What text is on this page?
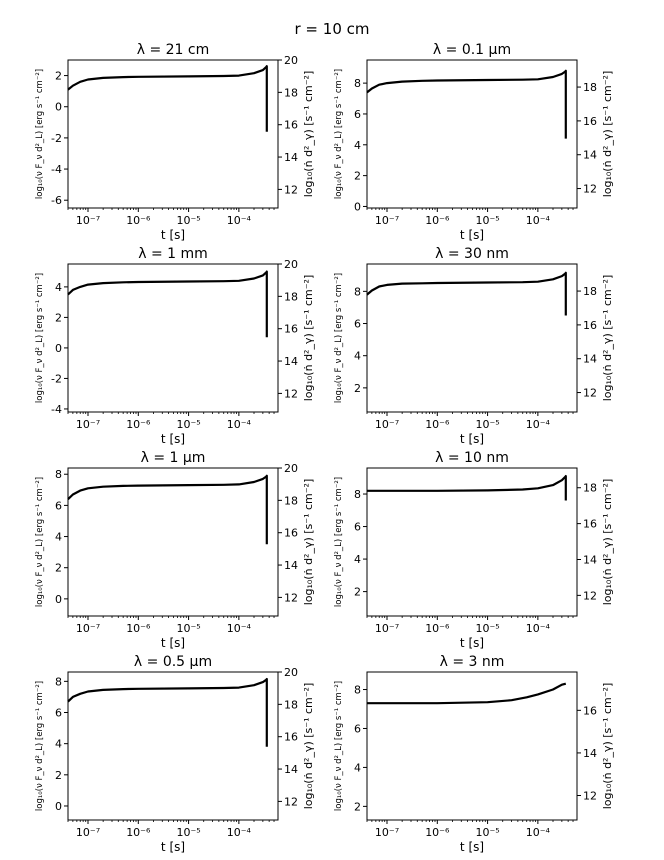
r = 10 cm
λ = 21 cm
10⁻⁷ 10⁻⁶ 10⁻⁵ 10⁻⁴
t [s]
-6
-4
-2
0
2
12
14
16
18
20
log₁₀(ν F_ν d²_L) [erg s⁻¹ cm⁻²]	log₁₀(ṅ d²_γ) [s⁻¹ cm⁻²]
λ = 0.1 μm
10⁻⁷ 10⁻⁶ 10⁻⁵ 10⁻⁴
t [s]
0
2
4
6
8
12
14
16
18
log₁₀(ν F_ν d²_L) [erg s⁻¹ cm⁻²]	log₁₀(ṅ d²_γ) [s⁻¹ cm⁻²]
λ = 1 mm
10⁻⁷ 10⁻⁶ 10⁻⁵ 10⁻⁴
t [s]
-4
-2
0
2
4
12
14
16
18
20
log₁₀(ν F_ν d²_L) [erg s⁻¹ cm⁻²]	log₁₀(ṅ d²_γ) [s⁻¹ cm⁻²]
λ = 30 nm
10⁻⁷ 10⁻⁶ 10⁻⁵ 10⁻⁴
t [s]
2
4
6
8
12
14
16
18
log₁₀(ν F_ν d²_L) [erg s⁻¹ cm⁻²]	log₁₀(ṅ d²_γ) [s⁻¹ cm⁻²]
λ = 1 μm
10⁻⁷ 10⁻⁶ 10⁻⁵ 10⁻⁴
t [s]
0
2
4
6
8
12
14
16
18
20
log₁₀(ν F_ν d²_L) [erg s⁻¹ cm⁻²]	log₁₀(ṅ d²_γ) [s⁻¹ cm⁻²]
λ = 10 nm
10⁻⁷ 10⁻⁶ 10⁻⁵ 10⁻⁴
t [s]
2
4
6
8
12
14
16
18
log₁₀(ν F_ν d²_L) [erg s⁻¹ cm⁻²]	log₁₀(ṅ d²_γ) [s⁻¹ cm⁻²]
λ = 0.5 μm
10⁻⁷ 10⁻⁶ 10⁻⁵ 10⁻⁴
t [s]
0
2
4
6
8
12
14
16
18
20
log₁₀(ν F_ν d²_L) [erg s⁻¹ cm⁻²]	log₁₀(ṅ d²_γ) [s⁻¹ cm⁻²]
λ = 3 nm
10⁻⁷ 10⁻⁶ 10⁻⁵ 10⁻⁴
t [s]
2
4
6
8
12
14
16
log₁₀(ν F_ν d²_L) [erg s⁻¹ cm⁻²]	log₁₀(ṅ d²_γ) [s⁻¹ cm⁻²]
